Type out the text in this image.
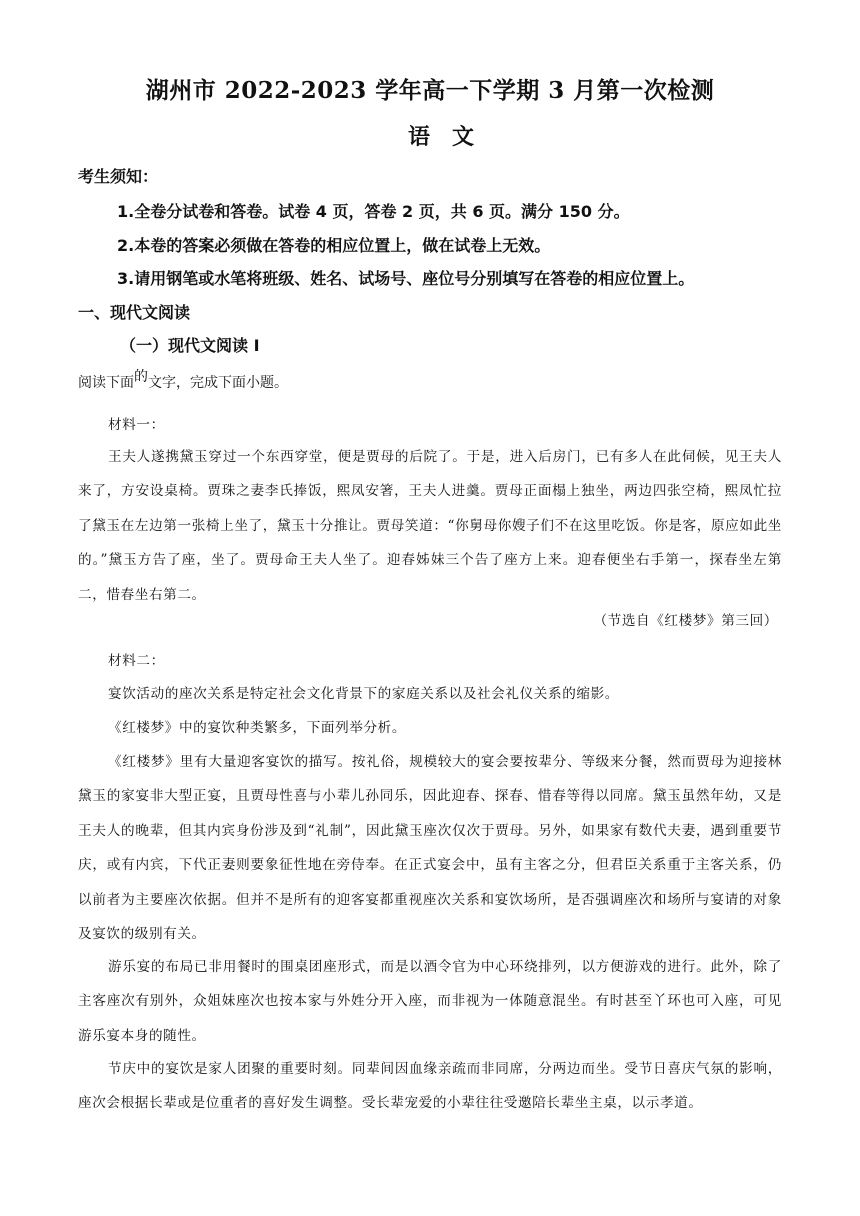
湖州市 2022-2023 学年高一下学期 3 月第一次检测
语文
考生须知：
1.全卷分试卷和答卷。试卷 4 页，答卷 2 页，共 6 页。满分 150 分。
2.本卷的答案必须做在答卷的相应位置上，做在试卷上无效。
3.请用钢笔或水笔将班级、姓名、试场号、座位号分别填写在答卷的相应位置上。
一、现代文阅读
（一）现代文阅读 I
阅读下面的文字，完成下面小题。
材料一：
王夫人遂携黛玉穿过一个东西穿堂，便是贾母的后院了。于是，进入后房门，已有多人在此伺候，见王夫人来了，方安设桌椅。贾珠之妻李氏捧饭，熙凤安箸，王夫人进羹。贾母正面榻上独坐，两边四张空椅，熙凤忙拉了黛玉在左边第一张椅上坐了，黛玉十分推让。贾母笑道：“你舅母你嫂子们不在这里吃饭。你是客，原应如此坐的。”黛玉方告了座，坐了。贾母命王夫人坐了。迎春姊妹三个告了座方上来。迎春便坐右手第一，探春坐左第二，惜春坐右第二。
（节选自《红楼梦》第三回）
材料二：
宴饮活动的座次关系是特定社会文化背景下的家庭关系以及社会礼仪关系的缩影。
《红楼梦》中的宴饮种类繁多，下面列举分析。
《红楼梦》里有大量迎客宴饮的描写。按礼俗，规模较大的宴会要按辈分、等级来分餐，然而贾母为迎接林黛玉的家宴非大型正宴，且贾母性喜与小辈儿孙同乐，因此迎春、探春、惜春等得以同席。黛玉虽然年幼，又是王夫人的晚辈，但其内宾身份涉及到“礼制”，因此黛玉座次仅次于贾母。另外，如果家有数代夫妻，遇到重要节庆，或有内宾，下代正妻则要象征性地在旁侍奉。在正式宴会中，虽有主客之分，但君臣关系重于主客关系，仍以前者为主要座次依据。但并不是所有的迎客宴都重视座次关系和宴饮场所，是否强调座次和场所与宴请的对象及宴饮的级别有关。
游乐宴的布局已非用餐时的围桌团座形式，而是以酒令官为中心环绕排列，以方便游戏的进行。此外，除了主客座次有别外，众姐妹座次也按本家与外姓分开入座，而非视为一体随意混坐。有时甚至丫环也可入座，可见游乐宴本身的随性。
节庆中的宴饮是家人团聚的重要时刻。同辈间因血缘亲疏而非同席，分两边而坐。受节日喜庆气氛的影响，座次会根据长辈或是位重者的喜好发生调整。受长辈宠爱的小辈往往受邀陪长辈坐主桌，以示孝道。
